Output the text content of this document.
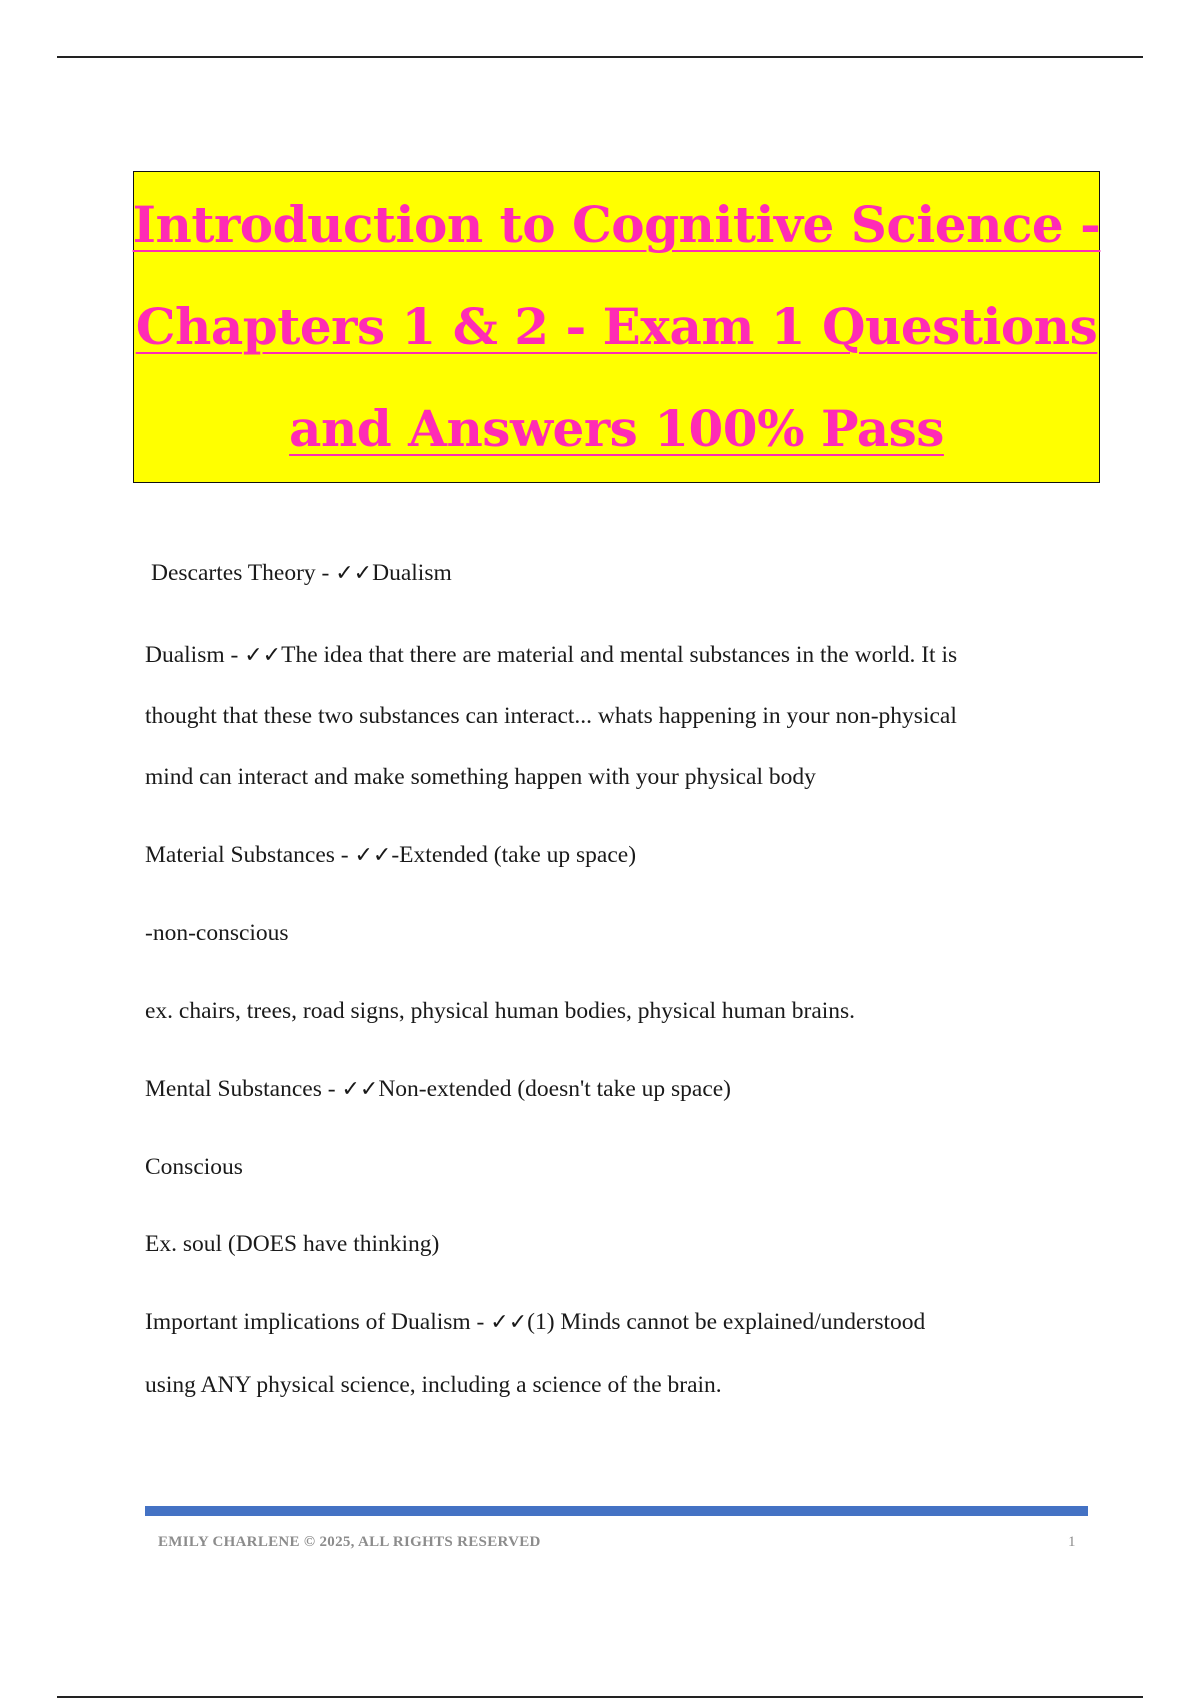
Introduction to Cognitive Science -
Chapters 1 & 2 - Exam 1 Questions
and Answers 100% Pass
Descartes Theory - ✓✓Dualism
Dualism - ✓✓The idea that there are material and mental substances in the world. It is
thought that these two substances can interact... whats happening in your non-physical
mind can interact and make something happen with your physical body
Material Substances - ✓✓-Extended (take up space)
-non-conscious
ex. chairs, trees, road signs, physical human bodies, physical human brains.
Mental Substances - ✓✓Non-extended (doesn't take up space)
Conscious
Ex. soul (DOES have thinking)
Important implications of Dualism - ✓✓(1) Minds cannot be explained/understood
using ANY physical science, including a science of the brain.
EMILY CHARLENE © 2025, ALL RIGHTS RESERVED	1
